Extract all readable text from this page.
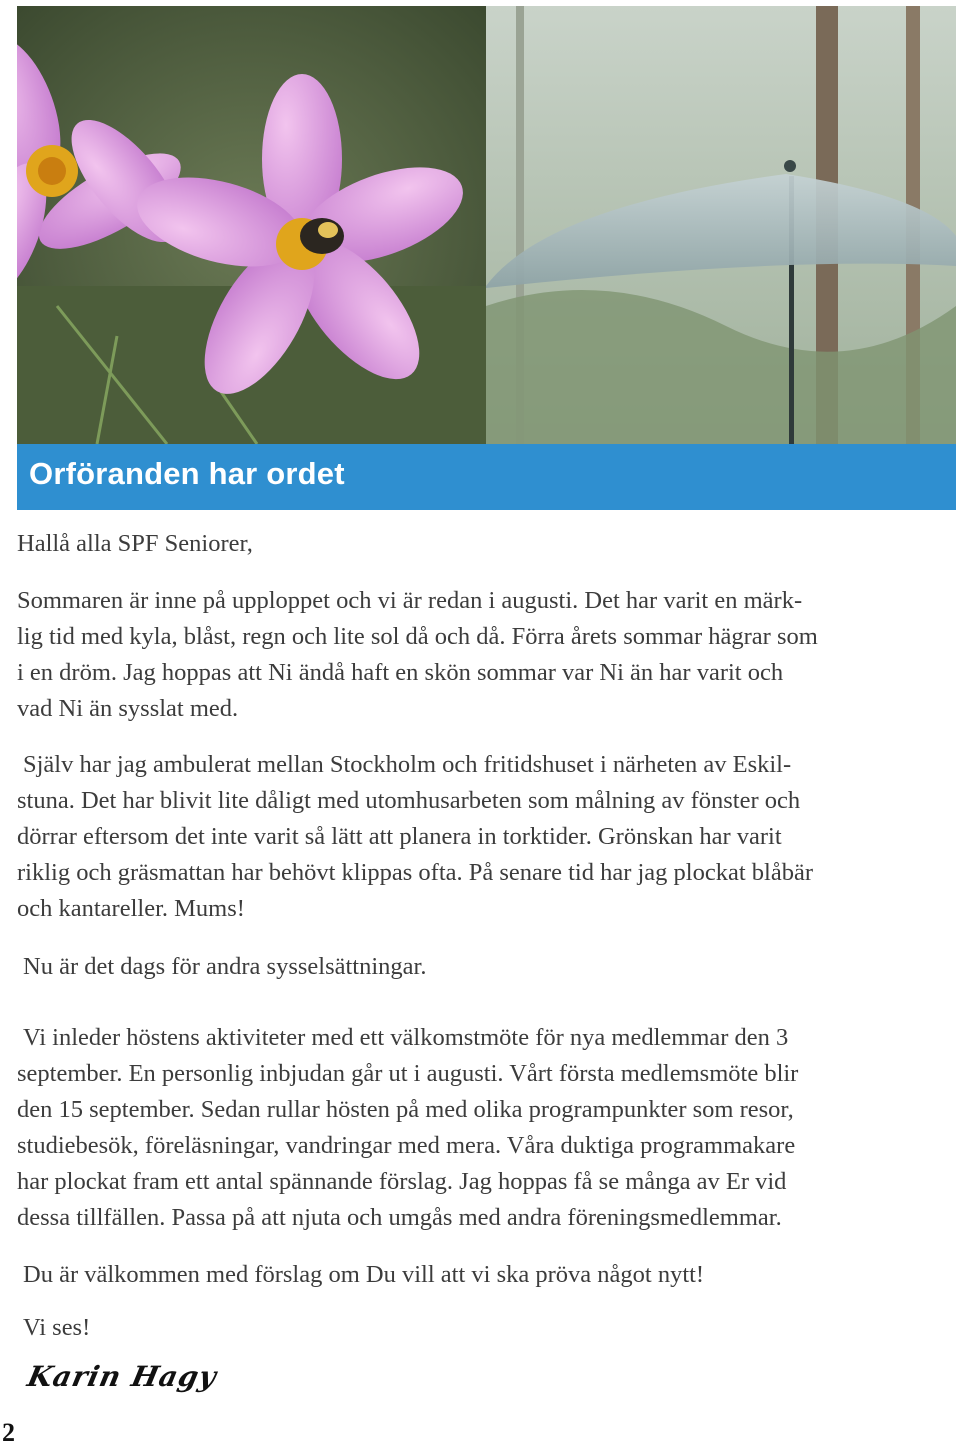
Orföranden har ordet

Hallå alla SPF Seniorer,

Sommaren är inne på upploppet och vi är redan i augusti. Det har varit en märk-
lig tid med kyla, blåst, regn och lite sol då och då. Förra årets sommar hägrar som
i en dröm. Jag hoppas att Ni ändå haft en skön sommar var Ni än har varit och
vad Ni än sysslat med.

Själv har jag ambulerat mellan Stockholm och fritidshuset i närheten av Eskil-
stuna. Det har blivit lite dåligt med utomhusarbeten som målning av fönster och
dörrar eftersom det inte varit så lätt att planera in torktider. Grönskan har varit
riklig och gräsmattan har behövt klippas ofta. På senare tid har jag plockat blåbär
och kantareller. Mums!

Nu är det dags för andra sysselsättningar.

Vi inleder höstens aktiviteter med ett välkomstmöte för nya medlemmar den 3
september. En personlig inbjudan går ut i augusti. Vårt första medlemsmöte blir
den 15 september. Sedan rullar hösten på med olika programpunkter som resor,
studiebesök, föreläsningar, vandringar med mera. Våra duktiga programmakare
har plockat fram ett antal spännande förslag. Jag hoppas få se många av Er vid
dessa tillfällen. Passa på att njuta och umgås med andra föreningsmedlemmar.

Du är välkommen med förslag om Du vill att vi ska pröva något nytt!

Vi ses!

Karin Hagy
2
